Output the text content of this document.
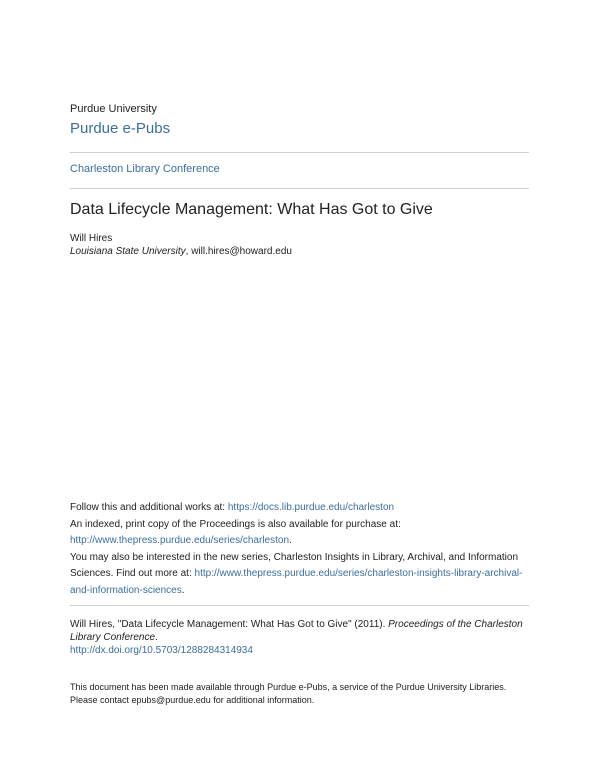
Purdue University
Purdue e-Pubs
Charleston Library Conference
Data Lifecycle Management: What Has Got to Give
Will Hires
Louisiana State University, will.hires@howard.edu

Follow this and additional works at: https://docs.lib.purdue.edu/charleston

An indexed, print copy of the Proceedings is also available for purchase at:

http://www.thepress.purdue.edu/series/charleston.

You may also be interested in the new series, Charleston Insights in Library, Archival, and Information Sciences. Find out more at: http://www.thepress.purdue.edu/series/charleston-insights-library-archival-and-information-sciences.

Will Hires, "Data Lifecycle Management: What Has Got to Give" (2011). Proceedings of the Charleston Library Conference.

http://dx.doi.org/10.5703/1288284314934

This document has been made available through Purdue e-Pubs, a service of the Purdue University Libraries. Please contact epubs@purdue.edu for additional information.
